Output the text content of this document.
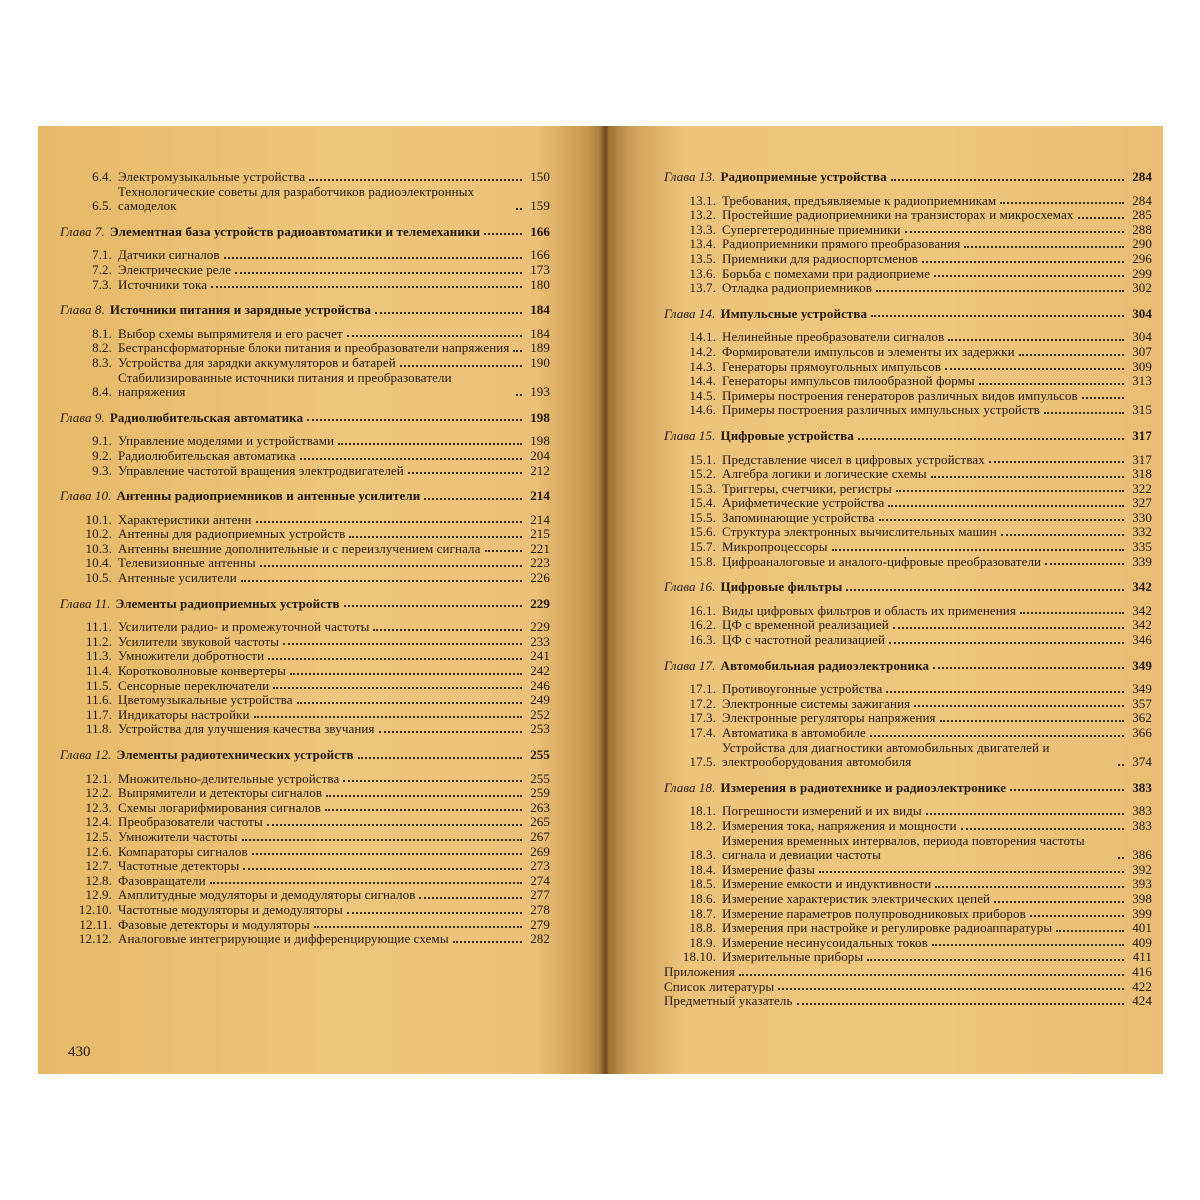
6.4. Электромузыкальные устройства	150
6.5.
Технологические советы для разработчиков радиоэлектронных самоделок	159
Глава 7. Элементная база устройств радиоавтоматики и телемеханики	166
7.1. Датчики сигналов	166
7.2. Электрические реле	173
7.3. Источники тока	180
Глава 8. Источники питания и зарядные устройства	184
8.1. Выбор схемы выпрямителя и его расчет	184
8.2. Бестрансформаторные блоки питания и преобразователи напряжения	189
8.3. Устройства для зарядки аккумуляторов и батарей	190
8.4.
Стабилизированные источники питания и преобразователи напряжения	193
Глава 9. Радиолюбительская автоматика	198
9.1. Управление моделями и устройствами	198
9.2. Радиолюбительская автоматика	204
9.3. Управление частотой вращения электродвигателей	212
Глава 10. Антенны радиоприемников и антенные усилители	214
10.1. Характеристики антенн	214
10.2. Антенны для радиоприемных устройств	215
10.3. Антенны внешние дополнительные и с переизлучением сигнала	221
10.4. Телевизионные антенны	223
10.5. Антенные усилители	226
Глава 11. Элементы радиоприемных устройств	229
11.1. Усилители радио- и промежуточной частоты	229
11.2. Усилители звуковой частоты	233
11.3. Умножители добротности	241
11.4. Коротковолновые конвертеры	242
11.5. Сенсорные переключатели	246
11.6. Цветомузыкальные устройства	249
11.7. Индикаторы настройки	252
11.8. Устройства для улучшения качества звучания	253
Глава 12. Элементы радиотехнических устройств	255
12.1. Множительно-делительные устройства	255
12.2. Выпрямители и детекторы сигналов	259
12.3. Схемы логарифмирования сигналов	263
12.4. Преобразователи частоты	265
12.5. Умножители частоты	267
12.6. Компараторы сигналов	269
12.7. Частотные детекторы	273
12.8. Фазовращатели	274
12.9. Амплитудные модуляторы и демодуляторы сигналов	277
12.10. Частотные модуляторы и демодуляторы	278
12.11. Фазовые детекторы и модуляторы	279
12.12. Аналоговые интегрирующие и дифференцирующие схемы	282
430
Глава 13. Радиоприемные устройства	284
13.1. Требования, предъявляемые к радиоприемникам	284
13.2. Простейшие радиоприемники на транзисторах и микросхемах	285
13.3. Супергетеродинные приемники	288
13.4. Радиоприемники прямого преобразования	290
13.5. Приемники для радиоспортсменов	296
13.6. Борьба с помехами при радиоприеме	299
13.7. Отладка радиоприемников	302
Глава 14. Импульсные устройства	304
14.1. Нелинейные преобразователи сигналов	304
14.2. Формирователи импульсов и элементы их задержки	307
14.3. Генераторы прямоугольных импульсов	309
14.4. Генераторы импульсов пилообразной формы	313
14.5. Примеры построения генераторов различных видов импульсов
14.6. Примеры построения различных импульсных устройств	315
Глава 15. Цифровые устройства	317
15.1. Представление чисел в цифровых устройствах	317
15.2. Алгебра логики и логические схемы	318
15.3. Триггеры, счетчики, регистры	322
15.4. Арифметические устройства	327
15.5. Запоминающие устройства	330
15.6. Структура электронных вычислительных машин	332
15.7. Микропроцессоры	335
15.8. Цифроаналоговые и аналого-цифровые преобразователи	339
Глава 16. Цифровые фильтры	342
16.1. Виды цифровых фильтров и область их применения	342
16.2. ЦФ с временной реализацией	342
16.3. ЦФ с частотной реализацией	346
Глава 17. Автомобильная радиоэлектроника	349
17.1. Противоугонные устройства	349
17.2. Электронные системы зажигания	357
17.3. Электронные регуляторы напряжения	362
17.4. Автоматика в автомобиле	366
17.5.
Устройства для диагностики автомобильных двигателей и электрооборудования автомобиля	374
Глава 18. Измерения в радиотехнике и радиоэлектронике	383
18.1. Погрешности измерений и их виды	383
18.2. Измерения тока, напряжения и мощности	383
18.3.
Измерения временных интервалов, периода повторения частоты сигнала и девиации частоты	386
18.4. Измерение фазы	392
18.5. Измерение емкости и индуктивности	393
18.6. Измерение характеристик электрических цепей	398
18.7. Измерение параметров полупроводниковых приборов	399
18.8. Измерения при настройке и регулировке радиоаппаратуры	401
18.9. Измерение несинусоидальных токов	409
18.10. Измерительные приборы	411
Приложения	416
Список литературы	422
Предметный указатель	424
